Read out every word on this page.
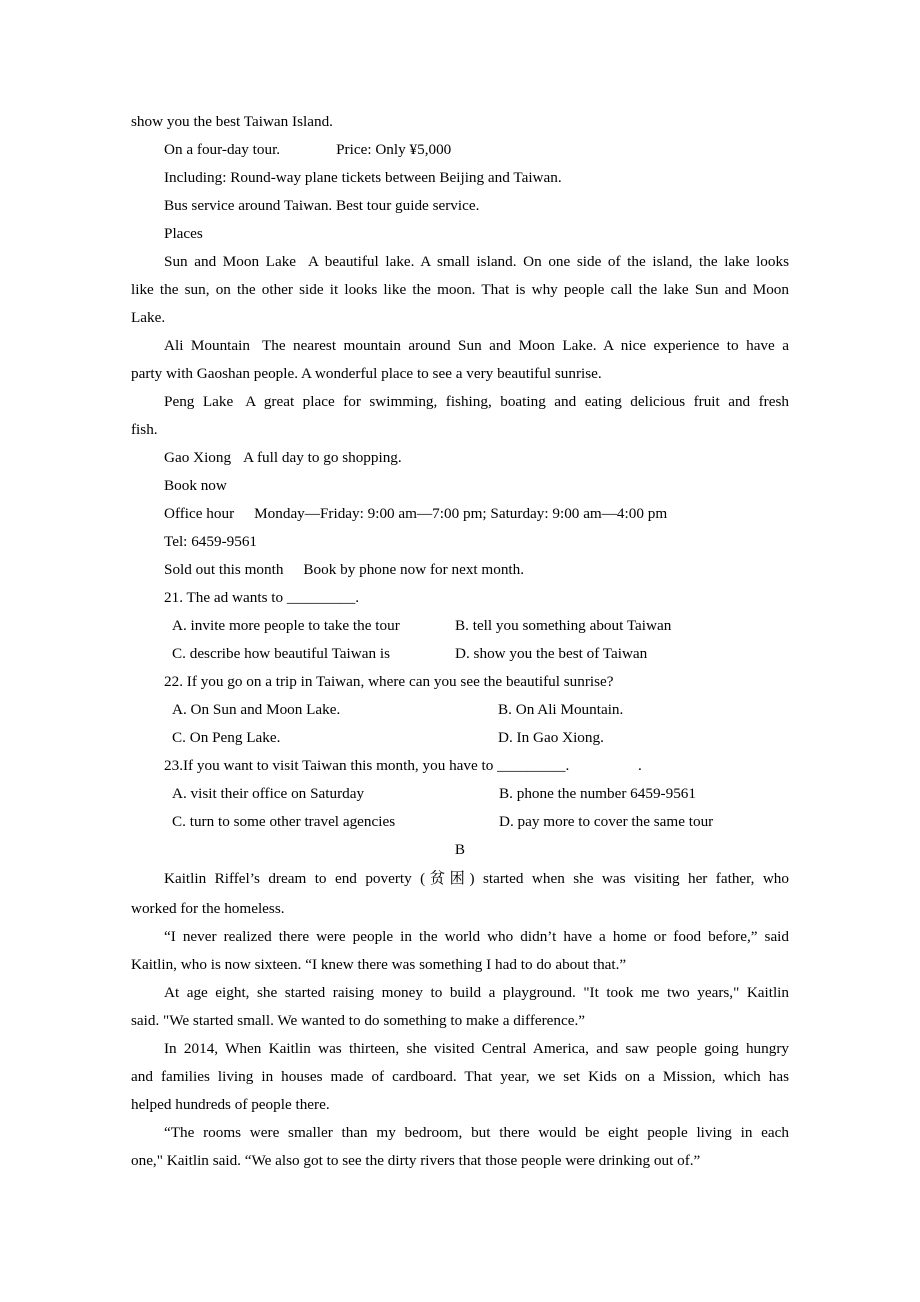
show you the best Taiwan Island.
On a four-day tour.	Price: Only ¥5,000
Including: Round-way plane tickets between Beijing and Taiwan.
Bus service around Taiwan. Best tour guide service.
Places
Sun and Moon Lake A beautiful lake. A small island. On one side of the island, the lake looks
like the sun, on the other side it looks like the moon. That is why people call the lake Sun and Moon
Lake.
Ali Mountain The nearest mountain around Sun and Moon Lake. A nice experience to have a
party with Gaoshan people. A wonderful place to see a very beautiful sunrise.
Peng Lake A great place for swimming, fishing, boating and eating delicious fruit and fresh
fish.
Gao Xiong A full day to go shopping.
Book now
Office hour Monday—Friday: 9:00 am—7:00 pm; Saturday: 9:00 am—4:00 pm
Tel: 6459-9561
Sold out this month Book by phone now for next month.
21. The ad wants to _________.
A. invite more people to take the tour	B. tell you something about Taiwan
C. describe how beautiful Taiwan is	D. show you the best of Taiwan
22. If you go on a trip in Taiwan, where can you see the beautiful sunrise?
A. On Sun and Moon Lake.	B. On Ali Mountain.
C. On Peng Lake.	D. In Gao Xiong.
23.If you want to visit Taiwan this month, you have to _________.	.
A. visit their office on Saturday	B. phone the number 6459-9561
C. turn to some other travel agencies	D. pay more to cover the same tour
B
Kaitlin Riffel’s dream to end poverty (贫困) started when she was visiting her father, who
worked for the homeless.
“I never realized there were people in the world who didn’t have a home or food before,” said
Kaitlin, who is now sixteen. “I knew there was something I had to do about that.”
At age eight, she started raising money to build a playground. "It took me two years," Kaitlin
said. "We started small. We wanted to do something to make a difference.”
In 2014, When Kaitlin was thirteen, she visited Central America, and saw people going hungry
and families living in houses made of cardboard. That year, we set Kids on a Mission, which has
helped hundreds of people there.
“The rooms were smaller than my bedroom, but there would be eight people living in each
one," Kaitlin said. “We also got to see the dirty rivers that those people were drinking out of.”
